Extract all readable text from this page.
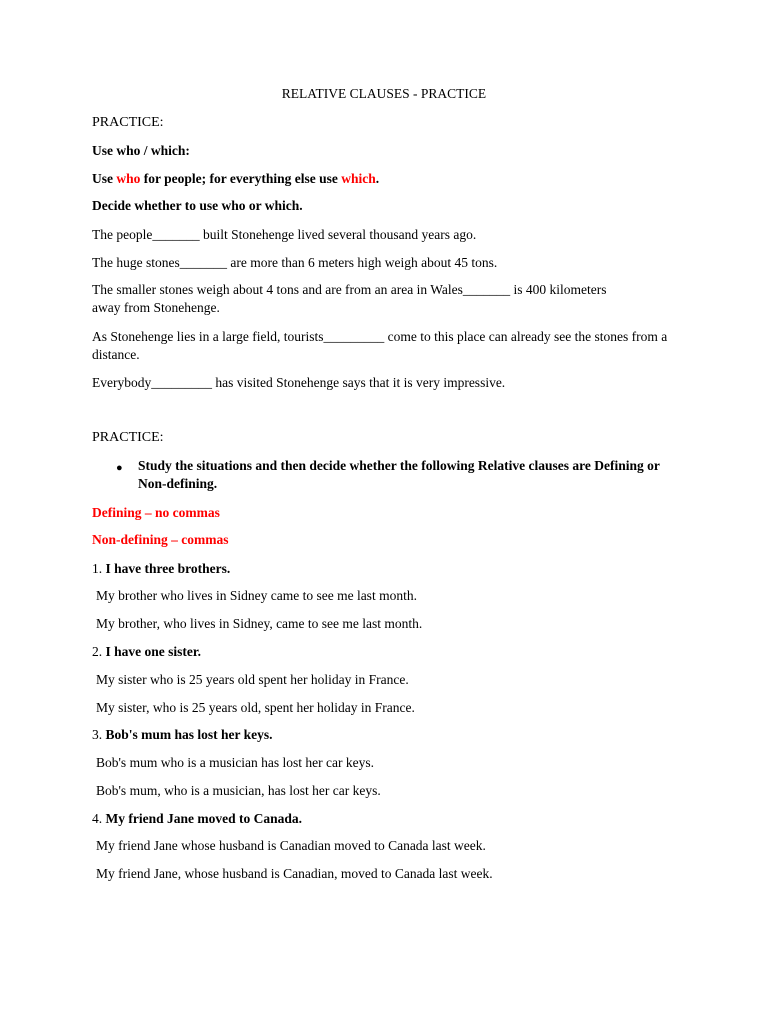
RELATIVE CLAUSES - PRACTICE
PRACTICE:
Use who / which:
Use who for people; for everything else use which.
Decide whether to use who or which.
The people_______ built Stonehenge lived several thousand years ago.
The huge stones_______ are more than 6 meters high weigh about 45 tons.
The smaller stones weigh about 4 tons and are from an area in Wales_______ is 400 kilometers away from Stonehenge.
As Stonehenge lies in a large field, tourists_________ come to this place can already see the stones from a distance.
Everybody_________ has visited Stonehenge says that it is very impressive.
PRACTICE:
● Study the situations and then decide whether the following Relative clauses are Defining or Non-defining.
Defining – no commas
Non-defining – commas
1. I have three brothers.
My brother who lives in Sidney came to see me last month.
My brother, who lives in Sidney, came to see me last month.
2. I have one sister.
My sister who is 25 years old spent her holiday in France.
My sister, who is 25 years old, spent her holiday in France.
3. Bob's mum has lost her keys.
Bob's mum who is a musician has lost her car keys.
Bob's mum, who is a musician, has lost her car keys.
4. My friend Jane moved to Canada.
My friend Jane whose husband is Canadian moved to Canada last week.
My friend Jane, whose husband is Canadian, moved to Canada last week.
